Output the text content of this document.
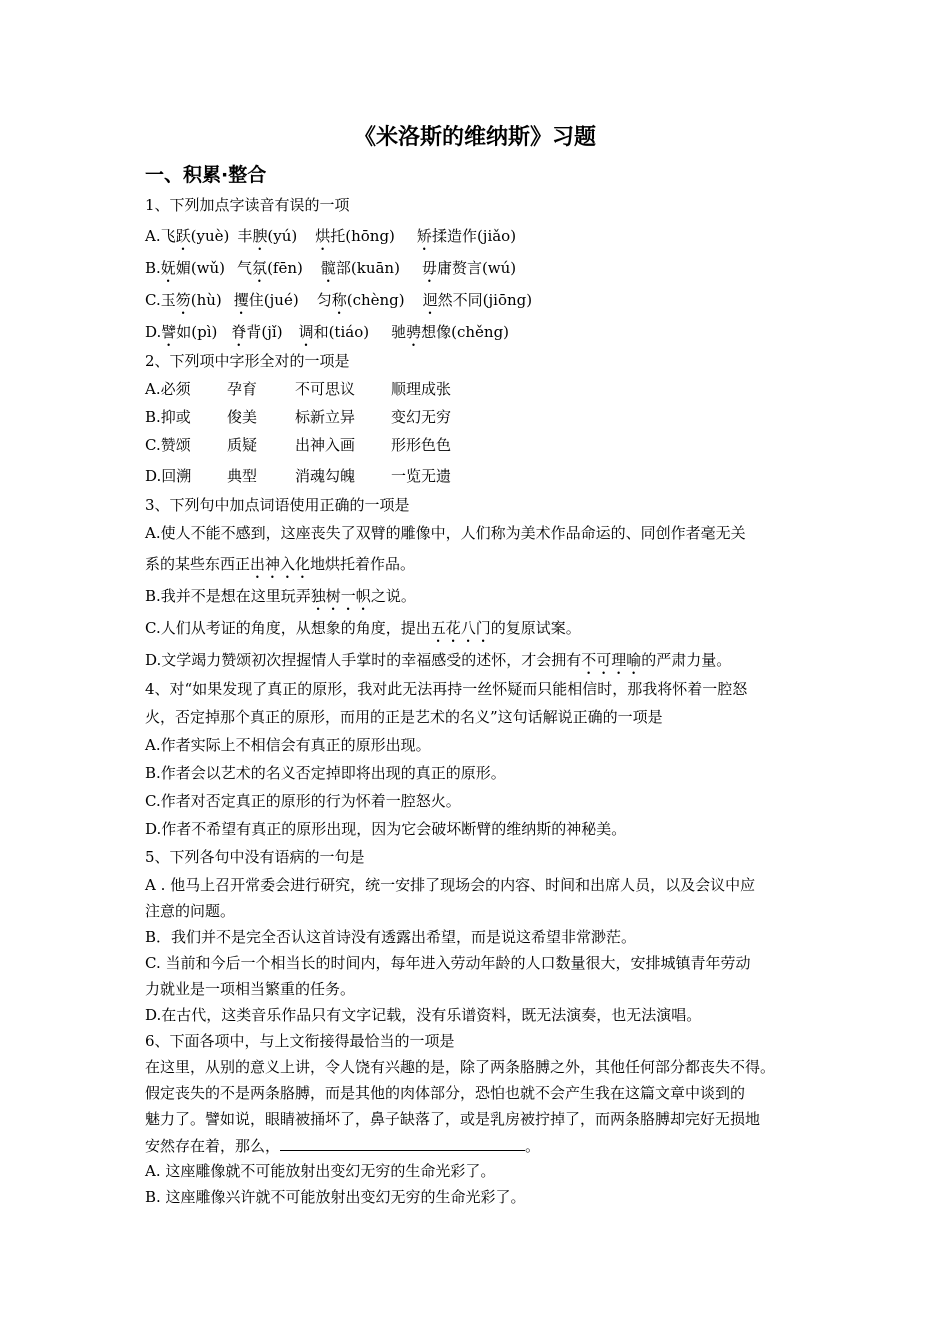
《米洛斯的维纳斯》习题
一、积累·整合
1、下列加点字读音有误的一项
A.飞跃(yuè) 丰腴(yú) 烘托(hōng) 矫揉造作(jiǎo)
B.妩媚(wǔ) 气氛(fēn) 髋部(kuān) 毋庸赘言(wú)
C.玉笏(hù) 攫住(jué) 匀称(chèng) 迥然不同(jiōng)
D.譬如(pì) 脊背(jǐ) 调和(tiáo) 驰骋想像(chěng)
2、下列项中字形全对的一项是
A.必须 孕育	不可思议 顺理成张
B.抑或 俊美	标新立异 变幻无穷
C.赞颂 质疑	出神入画 形形色色
D.回溯 典型	消魂勾魄 一览无遗
3、下列句中加点词语使用正确的一项是
A.使人不能不感到，这座丧失了双臂的雕像中，人们称为美术作品命运的、同创作者毫无关
系的某些东西正出神入化地烘托着作品。
B.我并不是想在这里玩弄独树一帜之说。
C.人们从考证的角度，从想象的角度，提出五花八门的复原试案。
D.文学竭力赞颂初次捏握情人手掌时的幸福感受的述怀，才会拥有不可理喻的严肃力量。
4、对“如果发现了真正的原形，我对此无法再持一丝怀疑而只能相信时，那我将怀着一腔怒
火，否定掉那个真正的原形，而用的正是艺术的名义”这句话解说正确的一项是
A.作者实际上不相信会有真正的原形出现。
B.作者会以艺术的名义否定掉即将出现的真正的原形。
C.作者对否定真正的原形的行为怀着一腔怒火。
D.作者不希望有真正的原形出现，因为它会破坏断臂的维纳斯的神秘美。
5、下列各句中没有语病的一句是
A . 他马上召开常委会进行研究，统一安排了现场会的内容、时间和出席人员，以及会议中应
注意的问题。
B．我们并不是完全否认这首诗没有透露出希望，而是说这希望非常渺茫。
C. 当前和今后一个相当长的时间内，每年进入劳动年龄的人口数量很大，安排城镇青年劳动
力就业是一项相当繁重的任务。
D.在古代，这类音乐作品只有文字记载，没有乐谱资料，既无法演奏，也无法演唱。
6、下面各项中，与上文衔接得最恰当的一项是
在这里，从别的意义上讲，令人饶有兴趣的是，除了两条胳膊之外，其他任何部分都丧失不得。
假定丧失的不是两条胳膊，而是其他的肉体部分，恐怕也就不会产生我在这篇文章中谈到的
魅力了。譬如说，眼睛被捅坏了，鼻子缺落了，或是乳房被拧掉了，而两条胳膊却完好无损地
安然存在着，那么，	。
A. 这座雕像就不可能放射出变幻无穷的生命光彩了。
B. 这座雕像兴许就不可能放射出变幻无穷的生命光彩了。
